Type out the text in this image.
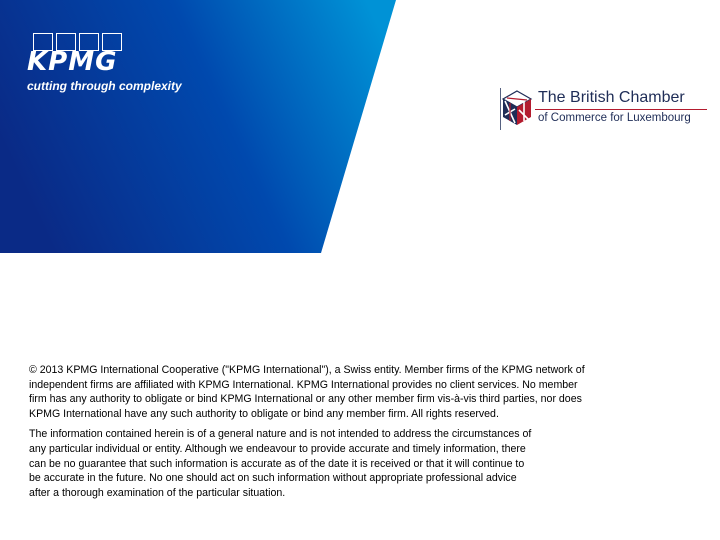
KPMG
cutting through complexity
The British Chamber
of Commerce for Luxembourg

© 2013 KPMG International Cooperative ("KPMG International"), a Swiss entity. Member firms of the KPMG network of independent firms are affiliated with KPMG International. KPMG International provides no client services. No member firm has any authority to obligate or bind KPMG International or any other member firm vis-à-vis third parties, nor does KPMG International have any such authority to obligate or bind any member firm. All rights reserved.

The information contained herein is of a general nature and is not intended to address the circumstances of any particular individual or entity. Although we endeavour to provide accurate and timely information, there can be no guarantee that such information is accurate as of the date it is received or that it will continue to be accurate in the future. No one should act on such information without appropriate professional advice after a thorough examination of the particular situation.
